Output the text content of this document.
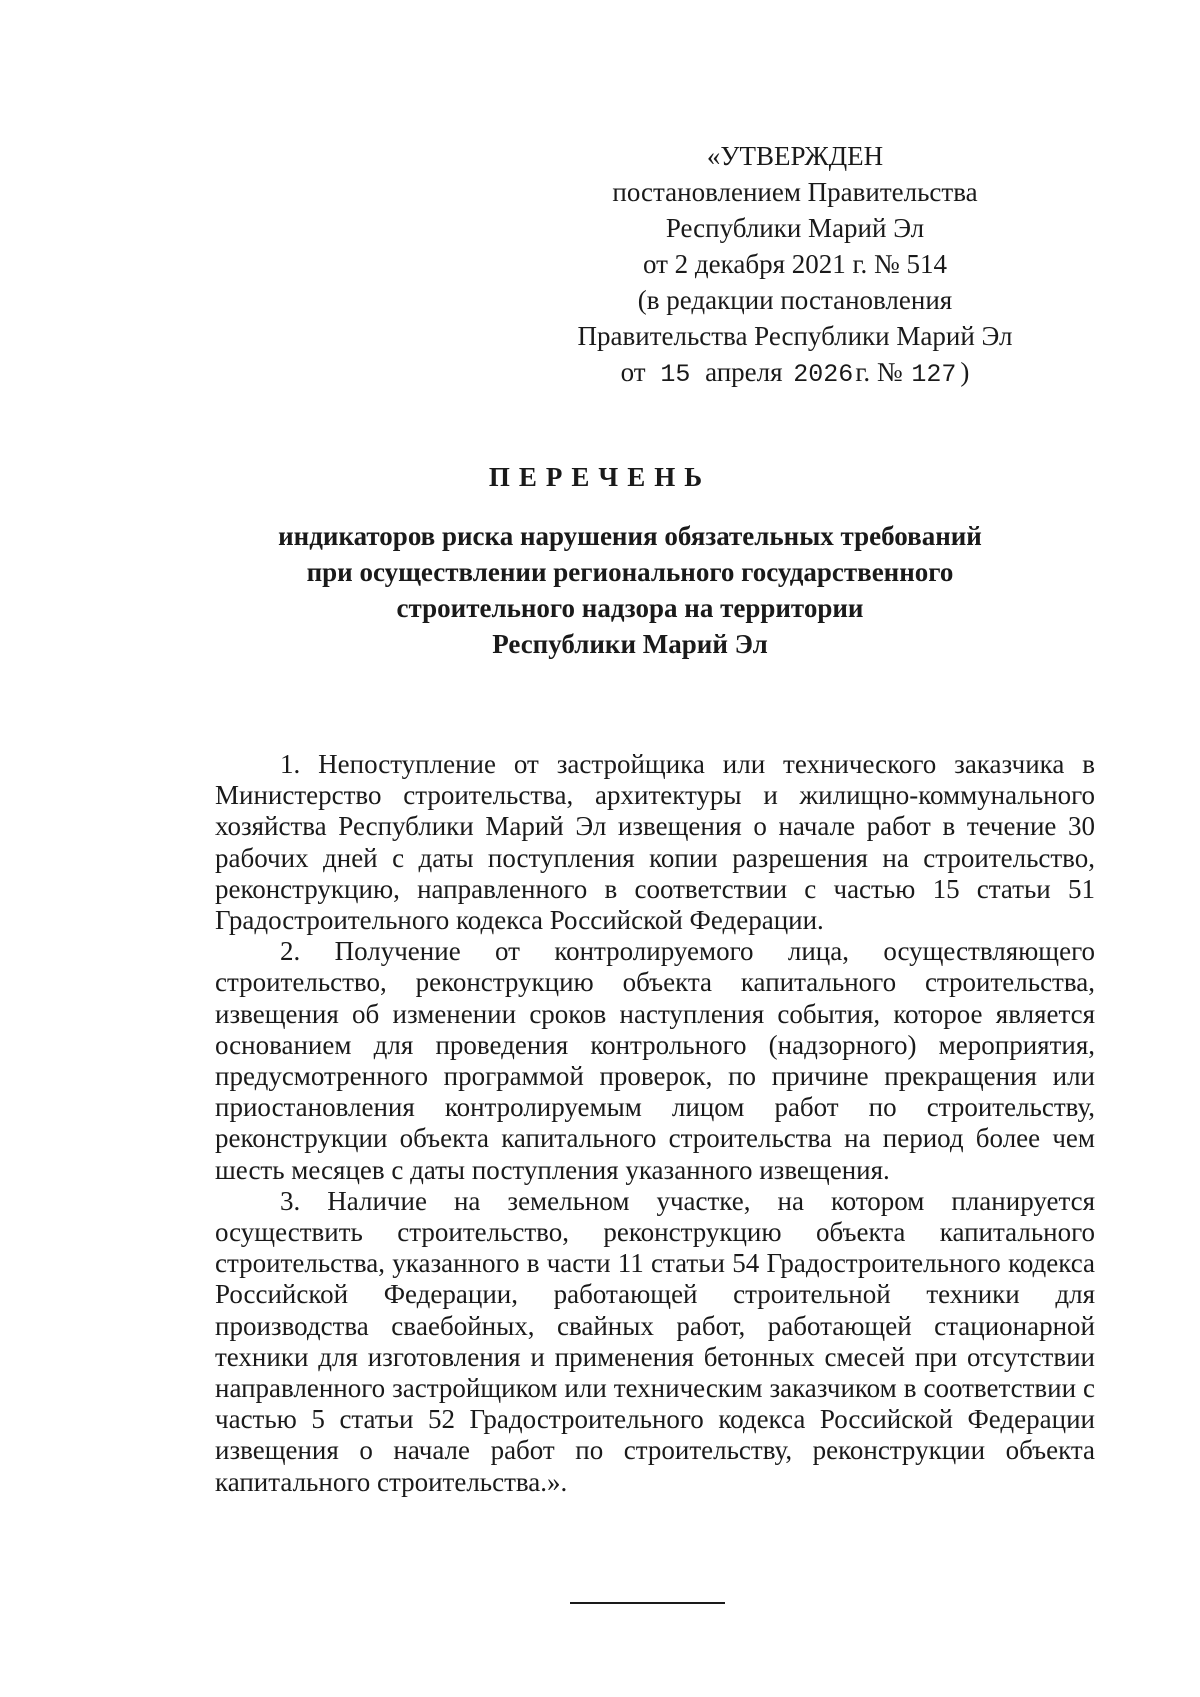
«УТВЕРЖДЕН
постановлением Правительства
Республики Марий Эл
от 2 декабря 2021 г. № 514
(в редакции постановления
Правительства Республики Марий Эл
от 15 апреля 2026г. № 127 )
ПЕРЕЧЕНЬ
индикаторов риска нарушения обязательных требований
при осуществлении регионального государственного
строительного надзора на территории
Республики Марий Эл

1. Непоступление от застройщика или технического заказчика в Министерство строительства, архитектуры и жилищно-коммунального хозяйства Республики Марий Эл извещения о начале работ в течение 30 рабочих дней с даты поступления копии разрешения на строительство, реконструкцию, направленного в соответствии с частью 15 статьи 51 Градостроительного кодекса Российской Федерации.

2. Получение от контролируемого лица, осуществляющего строительство, реконструкцию объекта капитального строительства, извещения об изменении сроков наступления события, которое является основанием для проведения контрольного (надзорного) мероприятия, предусмотренного программой проверок, по причине прекращения или приостановления контролируемым лицом работ по строительству, реконструкции объекта капитального строительства на период более чем шесть месяцев с даты поступления указанного извещения.

3. Наличие на земельном участке, на котором планируется осуществить строительство, реконструкцию объекта капитального строительства, указанного в части 11 статьи 54 Градостроительного кодекса Российской Федерации, работающей строительной техники для производства свaебойных, свайных работ, работающей стационарной техники для изготовления и применения бетонных смесей при отсутствии направленного застройщиком или техническим заказчиком в соответствии с частью 5 статьи 52 Градостроительного кодекса Российской Федерации извещения о начале работ по строительству, реконструкции объекта капитального строительства.».
